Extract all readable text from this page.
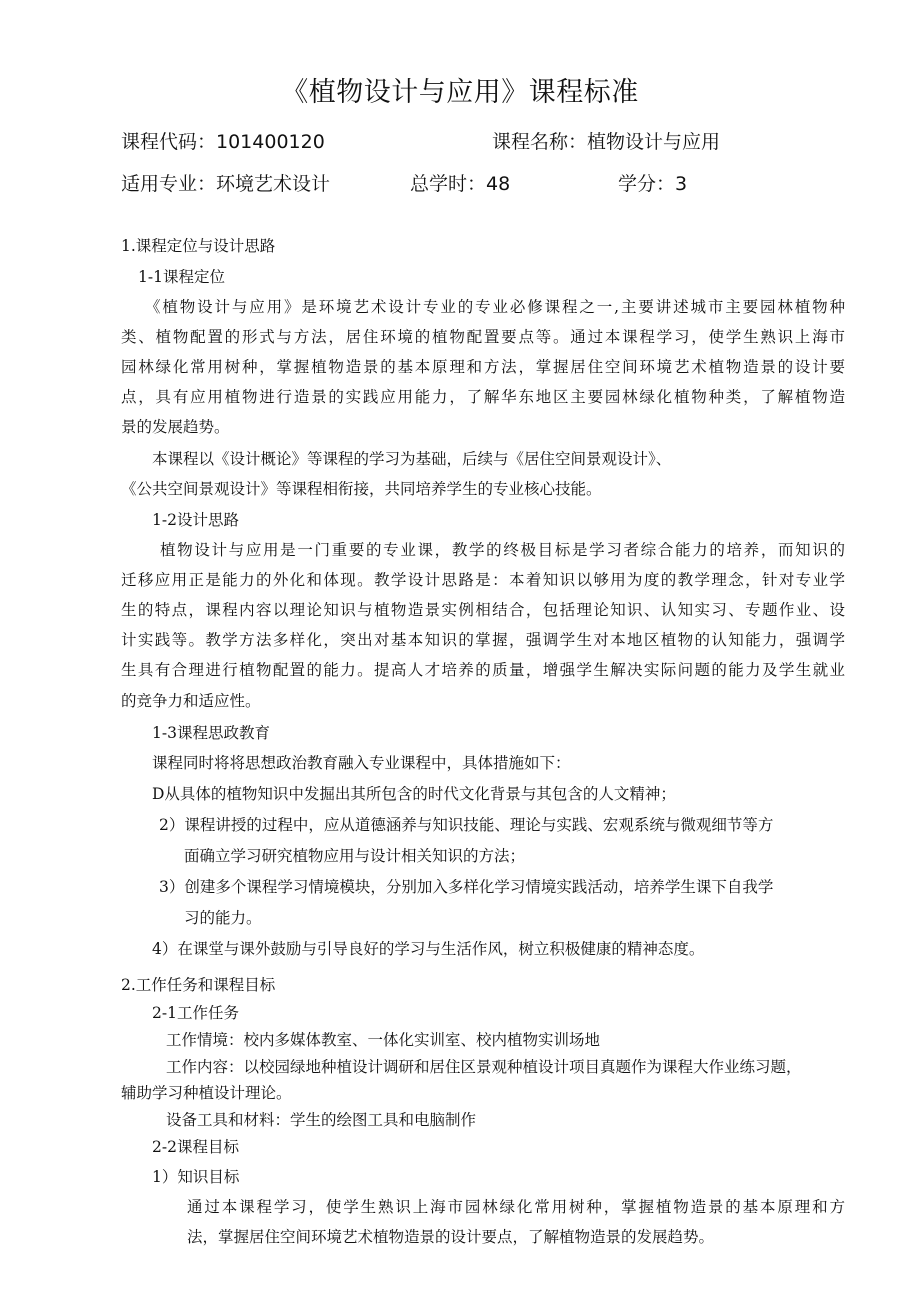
《植物设计与应用》课程标准
课程代码：101400120	课程名称：植物设计与应用
适用专业：环境艺术设计	总学时：48	学分：3
1.课程定位与设计思路
1-1课程定位
《植物设计与应用》是环境艺术设计专业的专业必修课程之一,主要讲述城市主要园林植物种
类、植物配置的形式与方法，居住环境的植物配置要点等。通过本课程学习，使学生熟识上海市
园林绿化常用树种，掌握植物造景的基本原理和方法，掌握居住空间环境艺术植物造景的设计要
点，具有应用植物进行造景的实践应用能力，了解华东地区主要园林绿化植物种类，了解植物造
景的发展趋势。
本课程以《设计概论》等课程的学习为基础，后续与《居住空间景观设计》、
《公共空间景观设计》等课程相衔接，共同培养学生的专业核心技能。
1-2设计思路
植物设计与应用是一门重要的专业课，教学的终极目标是学习者综合能力的培养，而知识的
迁移应用正是能力的外化和体现。教学设计思路是：本着知识以够用为度的教学理念，针对专业学
生的特点，课程内容以理论知识与植物造景实例相结合，包括理论知识、认知实习、专题作业、设
计实践等。教学方法多样化，突出对基本知识的掌握，强调学生对本地区植物的认知能力，强调学
生具有合理进行植物配置的能力。提高人才培养的质量，增强学生解决实际问题的能力及学生就业
的竞争力和适应性。
1-3课程思政教育
课程同时将将思想政治教育融入专业课程中，具体措施如下：
D从具体的植物知识中发掘出其所包含的时代文化背景与其包含的人文精神；
2）课程讲授的过程中，应从道德涵养与知识技能、理论与实践、宏观系统与微观细节等方
面确立学习研究植物应用与设计相关知识的方法；
3）创建多个课程学习情境模块，分别加入多样化学习情境实践活动，培养学生课下自我学
习的能力。
4）在课堂与课外鼓励与引导良好的学习与生活作风，树立积极健康的精神态度。
2.工作任务和课程目标
2-1工作任务
工作情境：校内多媒体教室、一体化实训室、校内植物实训场地
工作内容：以校园绿地种植设计调研和居住区景观种植设计项目真题作为课程大作业练习题，
辅助学习种植设计理论。
设备工具和材料：学生的绘图工具和电脑制作
2-2课程目标
1）知识目标
通过本课程学习，使学生熟识上海市园林绿化常用树种，掌握植物造景的基本原理和方
法，掌握居住空间环境艺术植物造景的设计要点，了解植物造景的发展趋势。
